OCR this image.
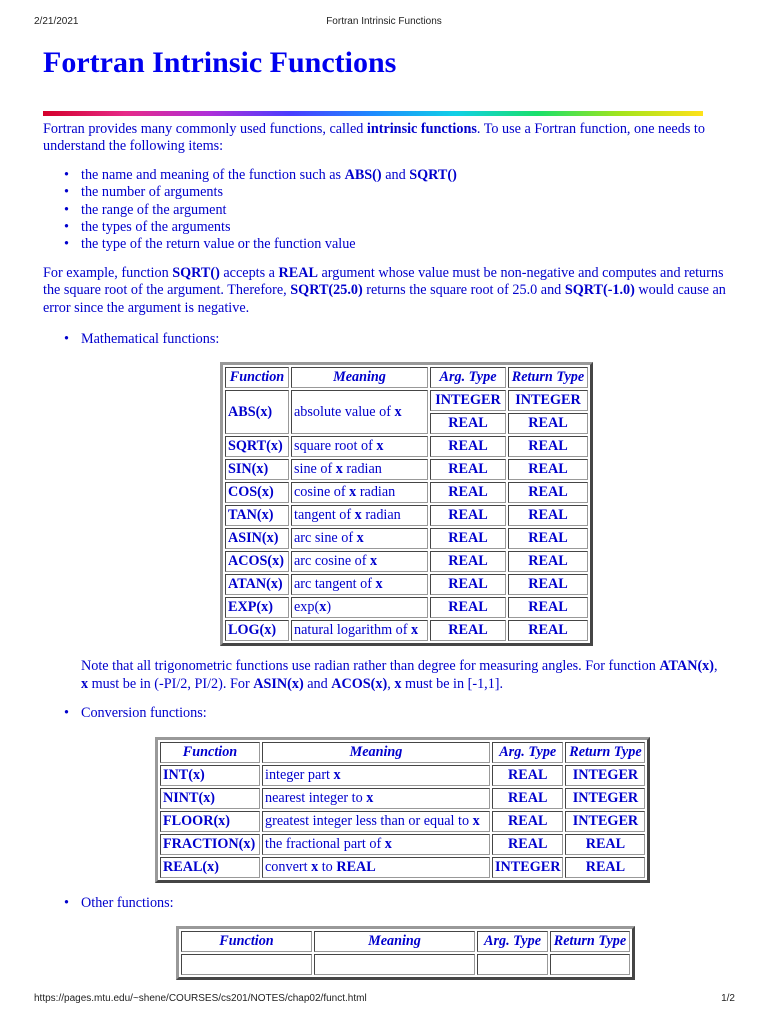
2/21/2021	Fortran Intrinsic Functions
Fortran Intrinsic Functions

Fortran provides many commonly used functions, called intrinsic functions. To use a Fortran function, one needs to understand the following items:

• the name and meaning of the function such as ABS() and SQRT()
• the number of arguments
• the range of the argument
• the types of the arguments
• the type of the return value or the function value

For example, function SQRT() accepts a REAL argument whose value must be non-negative and computes and returns the square root of the argument. Therefore, SQRT(25.0) returns the square root of 25.0 and SQRT(-1.0) would cause an error since the argument is negative.

• Mathematical functions:
Function	Meaning	Arg. Type	Return Type
ABS(x)	absolute value of x	INTEGER	INTEGER
		REAL	REAL
SQRT(x)	square root of x	REAL	REAL
SIN(x)	sine of x radian	REAL	REAL
COS(x)	cosine of x radian	REAL	REAL
TAN(x)	tangent of x radian	REAL	REAL
ASIN(x)	arc sine of x	REAL	REAL
ACOS(x)	arc cosine of x	REAL	REAL
ATAN(x)	arc tangent of x	REAL	REAL
EXP(x)	exp(x)	REAL	REAL
LOG(x)	natural logarithm of x	REAL	REAL

Note that all trigonometric functions use radian rather than degree for measuring angles. For function ATAN(x), x must be in (-PI/2, PI/2). For ASIN(x) and ACOS(x), x must be in [-1,1].

• Conversion functions:
Function	Meaning	Arg. Type	Return Type
INT(x)	integer part x	REAL	INTEGER
NINT(x)	nearest integer to x	REAL	INTEGER
FLOOR(x)	greatest integer less than or equal to x	REAL	INTEGER
FRACTION(x)	the fractional part of x	REAL	REAL
REAL(x)	convert x to REAL	INTEGER	REAL
• Other functions:
Function	Meaning	Arg. Type	Return Type

https://pages.mtu.edu/~shene/COURSES/cs201/NOTES/chap02/funct.html	1/2
